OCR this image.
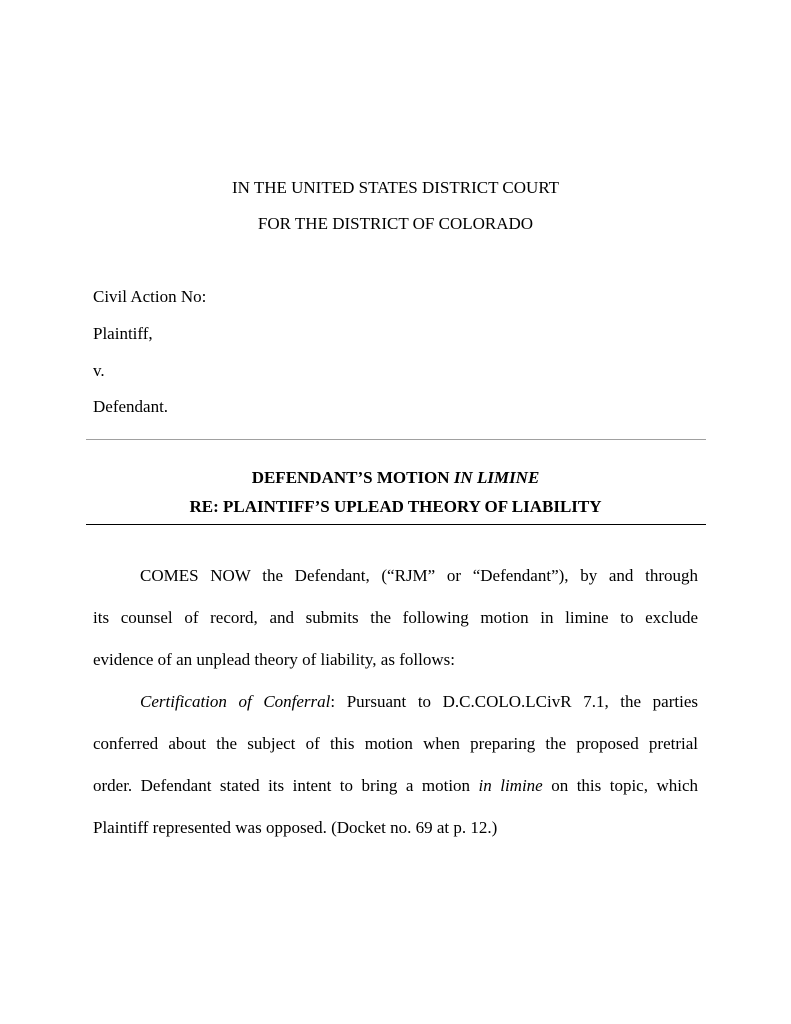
IN THE UNITED STATES DISTRICT COURT
FOR THE DISTRICT OF COLORADO
Civil Action No:
Plaintiff,
v.
Defendant.
DEFENDANT’S MOTION IN LIMINE
RE: PLAINTIFF’S UPLEAD THEORY OF LIABILITY
COMES NOW the Defendant, (“RJM” or “Defendant”), by and through
its counsel of record, and submits the following motion in limine to exclude
evidence of an unplead theory of liability, as follows:
Certification of Conferral: Pursuant to D.C.COLO.LCivR 7.1, the parties
conferred about the subject of this motion when preparing the proposed pretrial
order. Defendant stated its intent to bring a motion in limine on this topic, which
Plaintiff represented was opposed. (Docket no. 69 at p. 12.)
